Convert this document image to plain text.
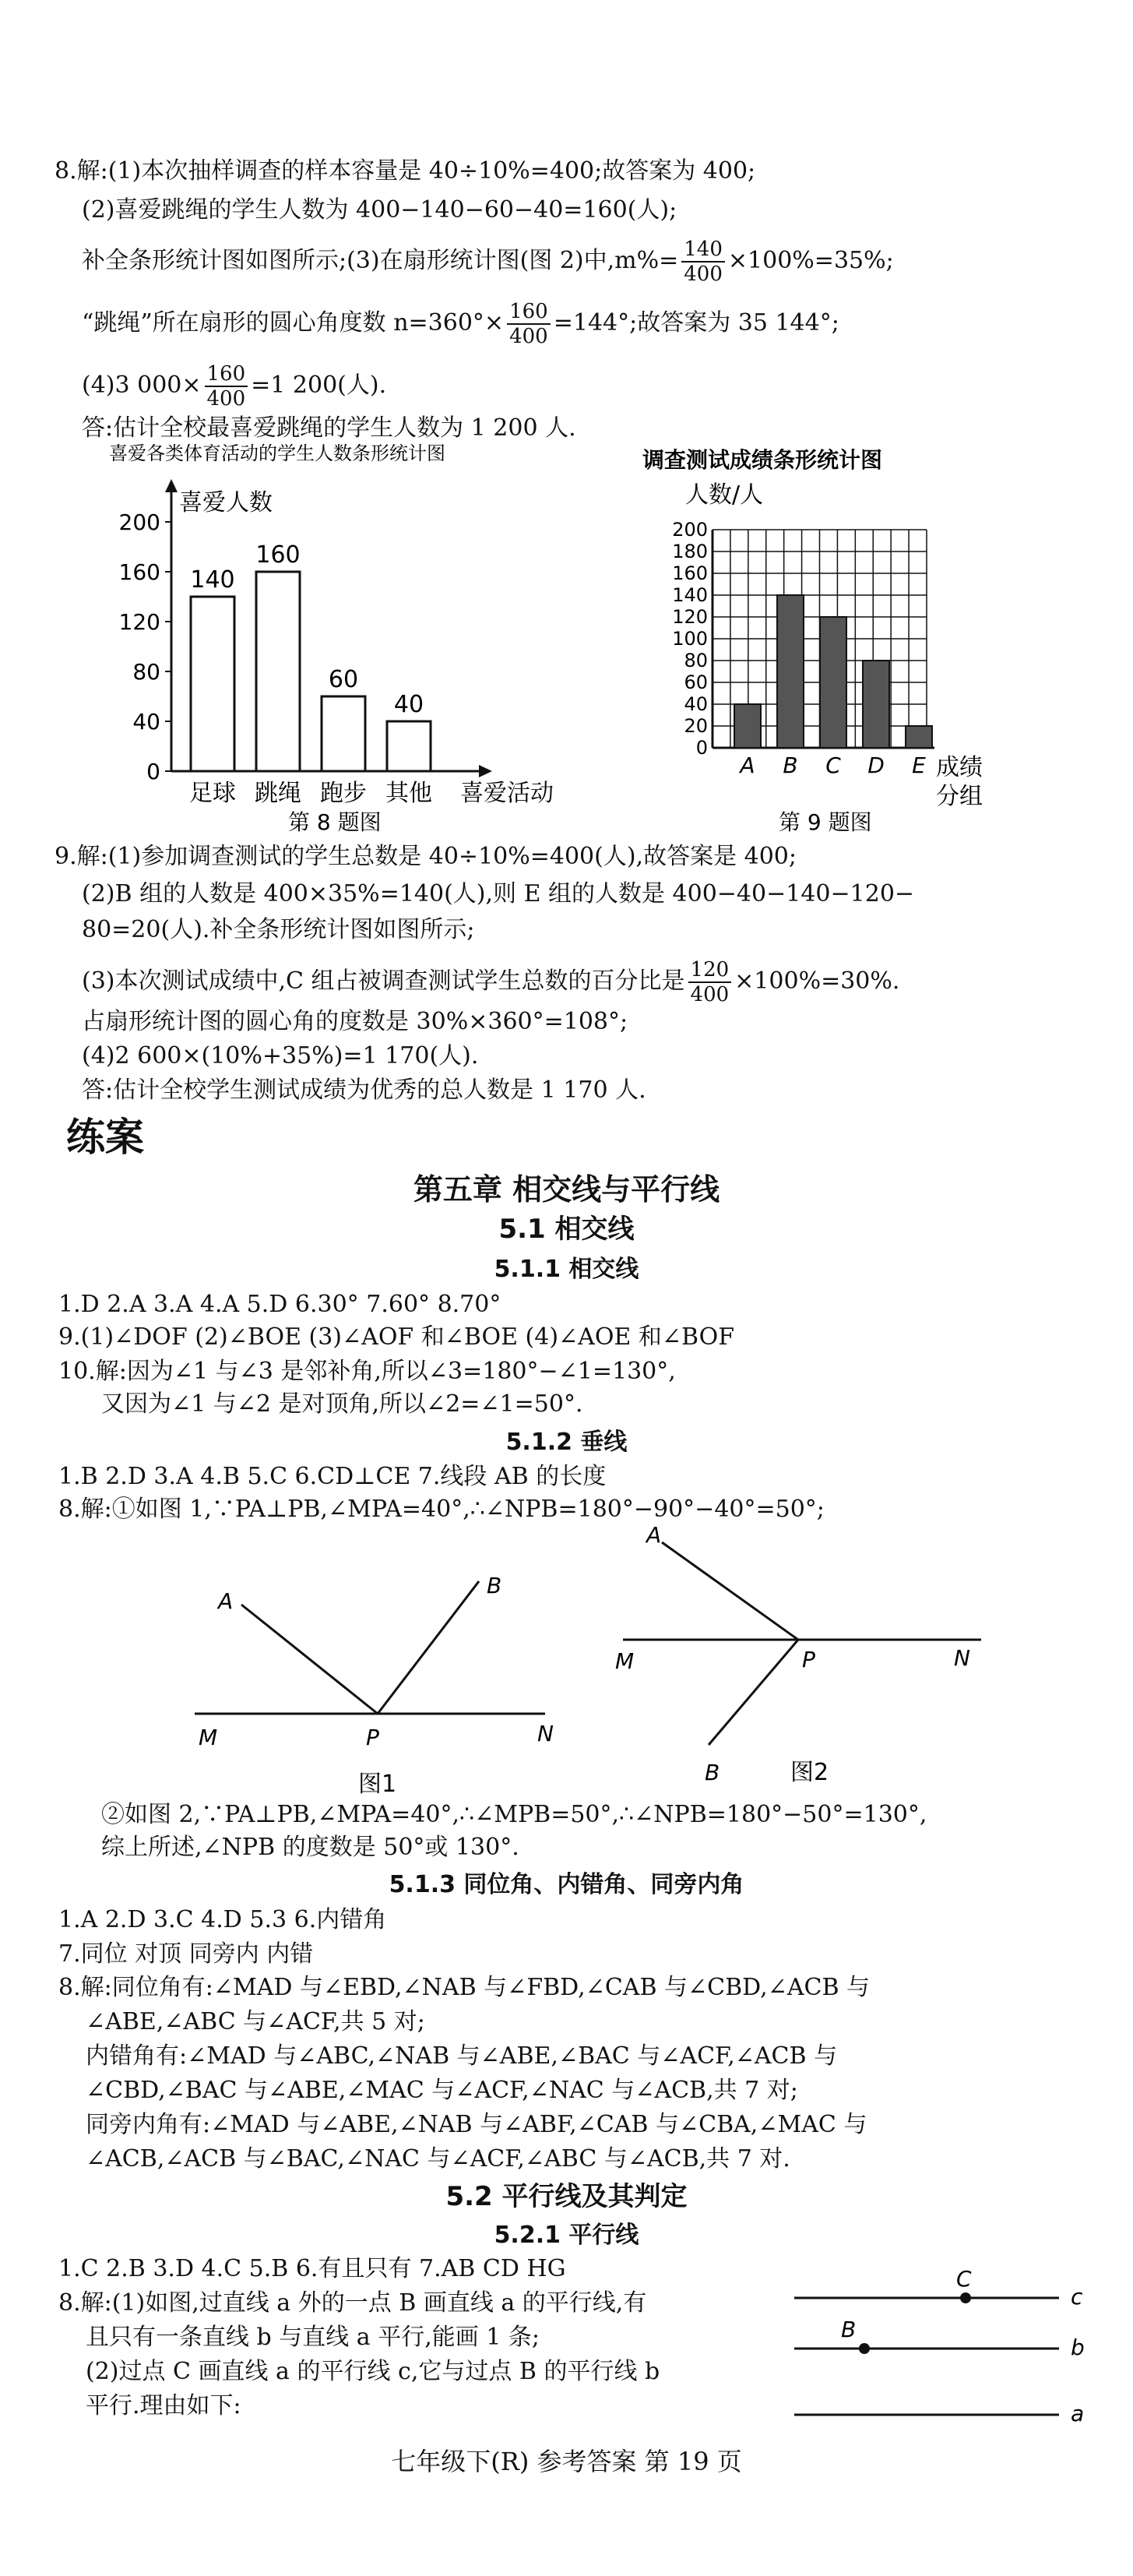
8.解:(1)本次抽样调查的样本容量是 40÷10%=400;故答案为 400;
(2)喜爱跳绳的学生人数为 400−140−60−40=160(人);
补全条形统计图如图所示;(3)在扇形统计图(图 2)中$,m\%= \frac{140}{400} \times 100\%=35\%$;
“跳绳”所在扇形的圆心角度数 $n=360^\circ\times \frac{160}{400} =144^\circ$;故答案为 35 144°;
(4)3 $000\times \frac{160}{400} =1$ 200(人).
答:估计全校最喜爱跳绳的学生人数为 1 200 人.
喜爱各类体育活动的学生人数条形统计图
喜爱人数
0
40
80
120
160
200
140
足球
160
跳绳
60
跑步
40
其他 喜爱活动
第 8 题图
调查测试成绩条形统计图
人数/人
0
20
40
60
80
100
120
140
160
180
200
A B C D E 成绩
分组
第 9 题图
9.解:(1)参加调查测试的学生总数是 40÷10%=400(人),故答案是 400;
(2)B 组的人数是 400×35%=140(人),则 E 组的人数是 400−40−140−120−
80=20(人).补全条形统计图如图所示;
(3)本次测试成绩中,C 组占被调查测试学生总数的百分比是 $\frac{120}{400} \times 100\%=30\%$.
占扇形统计图的圆心角的度数是 30%×360°=108°;
(4)2 600×(10%+35%)=1 170(人).
答:估计全校学生测试成绩为优秀的总人数是 1 170 人.
练案
第五章 相交线与平行线
5.1 相交线
5.1.1 相交线
1.D 2.A 3.A 4.A 5.D 6.30° 7.60° 8.70°
9.(1)∠DOF (2)∠BOE (3)∠AOF 和∠BOE (4)∠AOE 和∠BOF
10.解:因为∠1 与∠3 是邻补角,所以∠3=180°−∠1=130°,
又因为∠1 与∠2 是对顶角,所以∠2=∠1=50°.
5.1.2 垂线
1.B 2.D 3.A 4.B 5.C 6.CD⊥CE 7.线段 AB 的长度
8.解:①如图 1,∵PA⊥PB,∠MPA=40°,∴∠NPB=180°−90°−40°=50°;
A
B
M	P	N
图1
A
M	P	N
B	图2
②如图 2,∵PA⊥PB,∠MPA=40°,∴∠MPB=50°,∴∠NPB=180°−50°=130°,
综上所述,∠NPB 的度数是 50°或 130°.
5.1.3 同位角、内错角、同旁内角
1.A 2.D 3.C 4.D 5.3 6.内错角
7.同位 对顶 同旁内 内错
8.解:同位角有:∠MAD 与∠EBD,∠NAB 与∠FBD,∠CAB 与∠CBD,∠ACB 与
∠ABE,∠ABC 与∠ACF,共 5 对;
内错角有:∠MAD 与∠ABC,∠NAB 与∠ABE,∠BAC 与∠ACF,∠ACB 与
∠CBD,∠BAC 与∠ABE,∠MAC 与∠ACF,∠NAC 与∠ACB,共 7 对;
同旁内角有:∠MAD 与∠ABE,∠NAB 与∠ABF,∠CAB 与∠CBA,∠MAC 与
∠ACB,∠ACB 与∠BAC,∠NAC 与∠ACF,∠ABC 与∠ACB,共 7 对.
5.2 平行线及其判定
5.2.1 平行线
1.C 2.B 3.D 4.C 5.B 6.有且只有 7.AB CD HG
8.解:(1)如图,过直线 a 外的一点 B 画直线 a 的平行线,有
且只有一条直线 b 与直线 a 平行,能画 1 条;
(2)过点 C 画直线 a 的平行线 c,它与过点 B 的平行线 b
平行.理由如下:
C
c
B
b
a
七年级下(R) 参考答案 第 19 页
